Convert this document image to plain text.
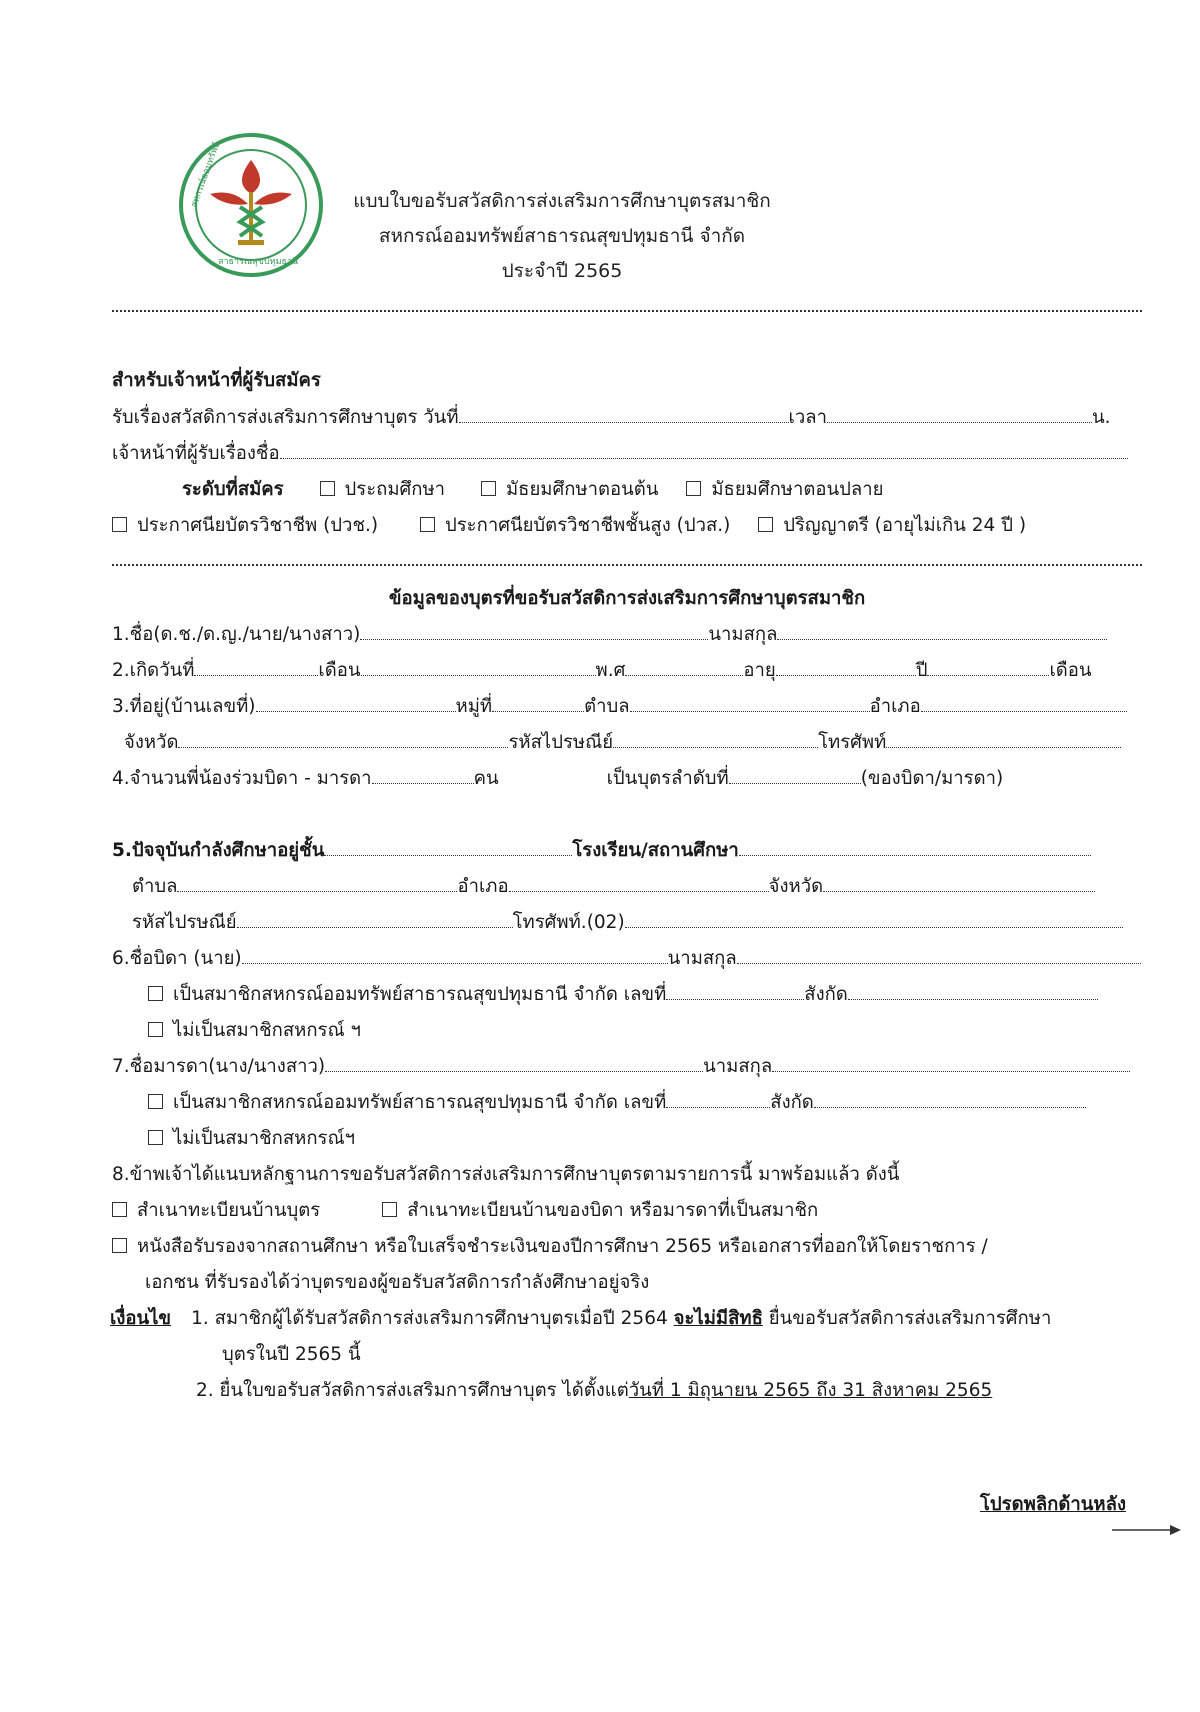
สหกรณ์ออมทรัพย์
สาธารณสุขปทุมธานี
แบบใบขอรับสวัสดิการส่งเสริมการศึกษาบุตรสมาชิก
สหกรณ์ออมทรัพย์สาธารณสุขปทุมธานี จำกัด
ประจำปี 2565
สำหรับเจ้าหน้าที่ผู้รับสมัคร
รับเรื่องสวัสดิการส่งเสริมการศึกษาบุตร วันที่	เวลา	น.
เจ้าหน้าที่ผู้รับเรื่องชื่อ
ระดับที่สมัคร	ประถมศึกษา	มัธยมศึกษาตอนต้น	มัธยมศึกษาตอนปลาย
ประกาศนียบัตรวิชาชีพ (ปวช.)	ประกาศนียบัตรวิชาชีพชั้นสูง (ปวส.)	ปริญญาตรี (อายุไม่เกิน 24 ปี )
ข้อมูลของบุตรที่ขอรับสวัสดิการส่งเสริมการศึกษาบุตรสมาชิก
1.ชื่อ(ด.ช./ด.ญ./นาย/นางสาว)	นามสกุล
2.เกิดวันที่	เดือน	พ.ศ	อายุ	ปี	เดือน
3.ที่อยู่(บ้านเลขที่)	หมู่ที่	ตำบล	อำเภอ
จังหวัด	รหัสไปรษณีย์	โทรศัพท์
4.จำนวนพี่น้องร่วมบิดา - มารดา	คน	เป็นบุตรลำดับที่	(ของบิดา/มารดา)
5.ปัจจุบันกำลังศึกษาอยู่ชั้น	โรงเรียน/สถานศึกษา
ตำบล	อำเภอ	จังหวัด
รหัสไปรษณีย์	โทรศัพท์.(02)
6.ชื่อบิดา (นาย)	นามสกุล
เป็นสมาชิกสหกรณ์ออมทรัพย์สาธารณสุขปทุมธานี จำกัด เลขที่	สังกัด
ไม่เป็นสมาชิกสหกรณ์ ฯ
7.ชื่อมารดา(นาง/นางสาว)	นามสกุล
เป็นสมาชิกสหกรณ์ออมทรัพย์สาธารณสุขปทุมธานี จำกัด เลขที่	สังกัด
ไม่เป็นสมาชิกสหกรณ์ฯ
8.ข้าพเจ้าได้แนบหลักฐานการขอรับสวัสดิการส่งเสริมการศึกษาบุตรตามรายการนี้ มาพร้อมแล้ว ดังนี้
สำเนาทะเบียนบ้านบุตร	สำเนาทะเบียนบ้านของบิดา หรือมารดาที่เป็นสมาชิก
หนังสือรับรองจากสถานศึกษา หรือใบเสร็จชำระเงินของปีการศึกษา 2565 หรือเอกสารที่ออกให้โดยราชการ /
เอกชน ที่รับรองได้ว่าบุตรของผู้ขอรับสวัสดิการกำลังศึกษาอยู่จริง
เงื่อนไข 1. สมาชิกผู้ได้รับสวัสดิการส่งเสริมการศึกษาบุตรเมื่อปี 2564 จะไม่มีสิทธิ ยื่นขอรับสวัสดิการส่งเสริมการศึกษา
บุตรในปี 2565 นี้
2. ยื่นใบขอรับสวัสดิการส่งเสริมการศึกษาบุตร ได้ตั้งแต่วันที่ 1 มิถุนายน 2565 ถึง 31 สิงหาคม 2565
โปรดพลิกด้านหลัง
